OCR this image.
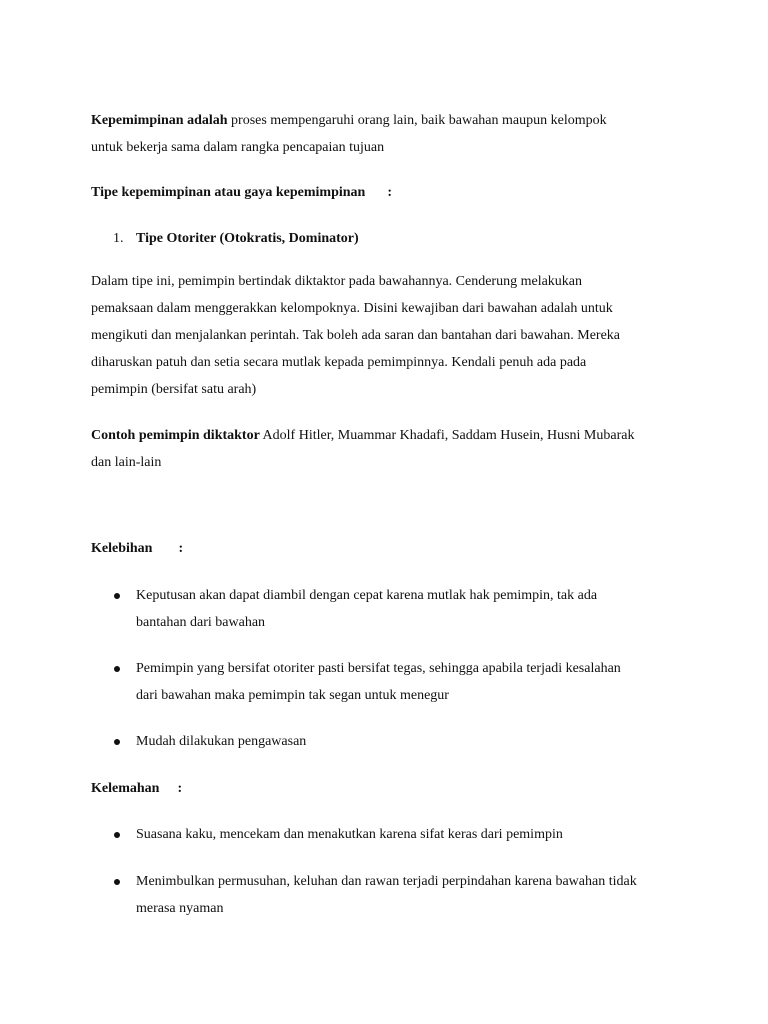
Kepemimpinan adalah proses mempengaruhi orang lain, baik bawahan maupun kelompok
untuk bekerja sama dalam rangka pencapaian tujuan

Tipe kepemimpinan atau gaya kepemimpinan :

1. Tipe Otoriter (Otokratis, Dominator)

Dalam tipe ini, pemimpin bertindak diktaktor pada bawahannya. Cenderung melakukan
pemaksaan dalam menggerakkan kelompoknya. Disini kewajiban dari bawahan adalah untuk
mengikuti dan menjalankan perintah. Tak boleh ada saran dan bantahan dari bawahan. Mereka
diharuskan patuh dan setia secara mutlak kepada pemimpinnya. Kendali penuh ada pada
pemimpin (bersifat satu arah)

Contoh pemimpin diktaktor Adolf Hitler, Muammar Khadafi, Saddam Husein, Husni Mubarak
dan lain-lain

Kelebihan :

Keputusan akan dapat diambil dengan cepat karena mutlak hak pemimpin, tak ada
bantahan dari bawahan
Pemimpin yang bersifat otoriter pasti bersifat tegas, sehingga apabila terjadi kesalahan
dari bawahan maka pemimpin tak segan untuk menegur
Mudah dilakukan pengawasan

Kelemahan :

Suasana kaku, mencekam dan menakutkan karena sifat keras dari pemimpin
Menimbulkan permusuhan, keluhan dan rawan terjadi perpindahan karena bawahan tidak
merasa nyaman
